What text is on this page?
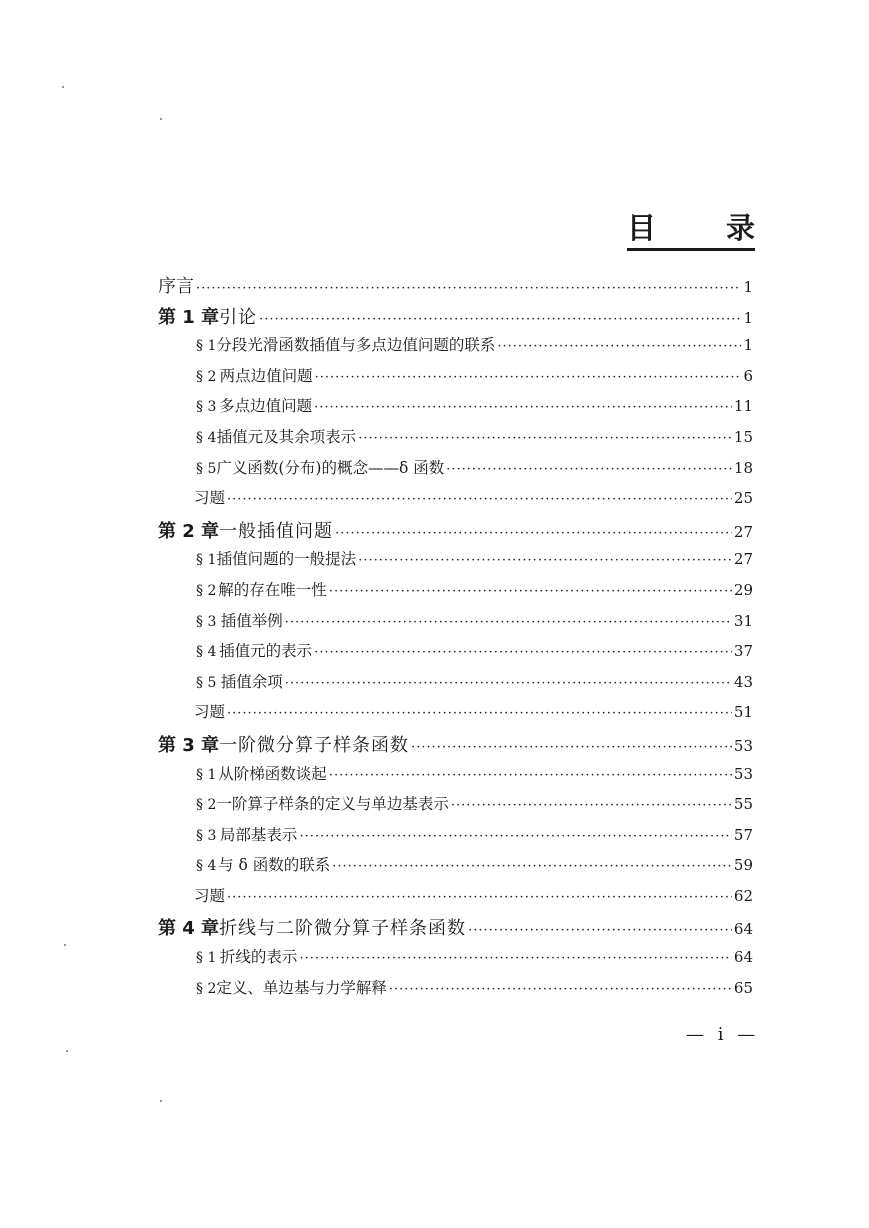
目 录
序言 ·····	1
第 1 章 引论 ·····	1
§ 1 分段光滑函数插值与多点边值问题的联系 ·····	1
§ 2 两点边值问题 ·····	6
§ 3 多点边值问题 ·····	11
§ 4 插值元及其余项表示 ·····	15
§ 5 广义函数(分布)的概念——δ 函数 ·····	18
习题 ·····	25
第 2 章 一般插值问题 ·····	27
§ 1 插值问题的一般提法 ·····	27
§ 2 解的存在唯一性 ·····	29
§ 3 插值举例 ·····	31
§ 4 插值元的表示 ·····	37
§ 5 插值余项 ·····	43
习题 ·····	51
第 3 章 一阶微分算子样条函数 ·····	53
§ 1 从阶梯函数谈起 ·····	53
§ 2 一阶算子样条的定义与单边基表示 ·····	55
§ 3 局部基表示 ·····	57
§ 4 与 δ 函数的联系 ·····	59
习题 ·····	62
第 4 章 折线与二阶微分算子样条函数 ·····	64
§ 1 折线的表示 ·····	64
§ 2 定义、单边基与力学解释 ·····	65
— i —
